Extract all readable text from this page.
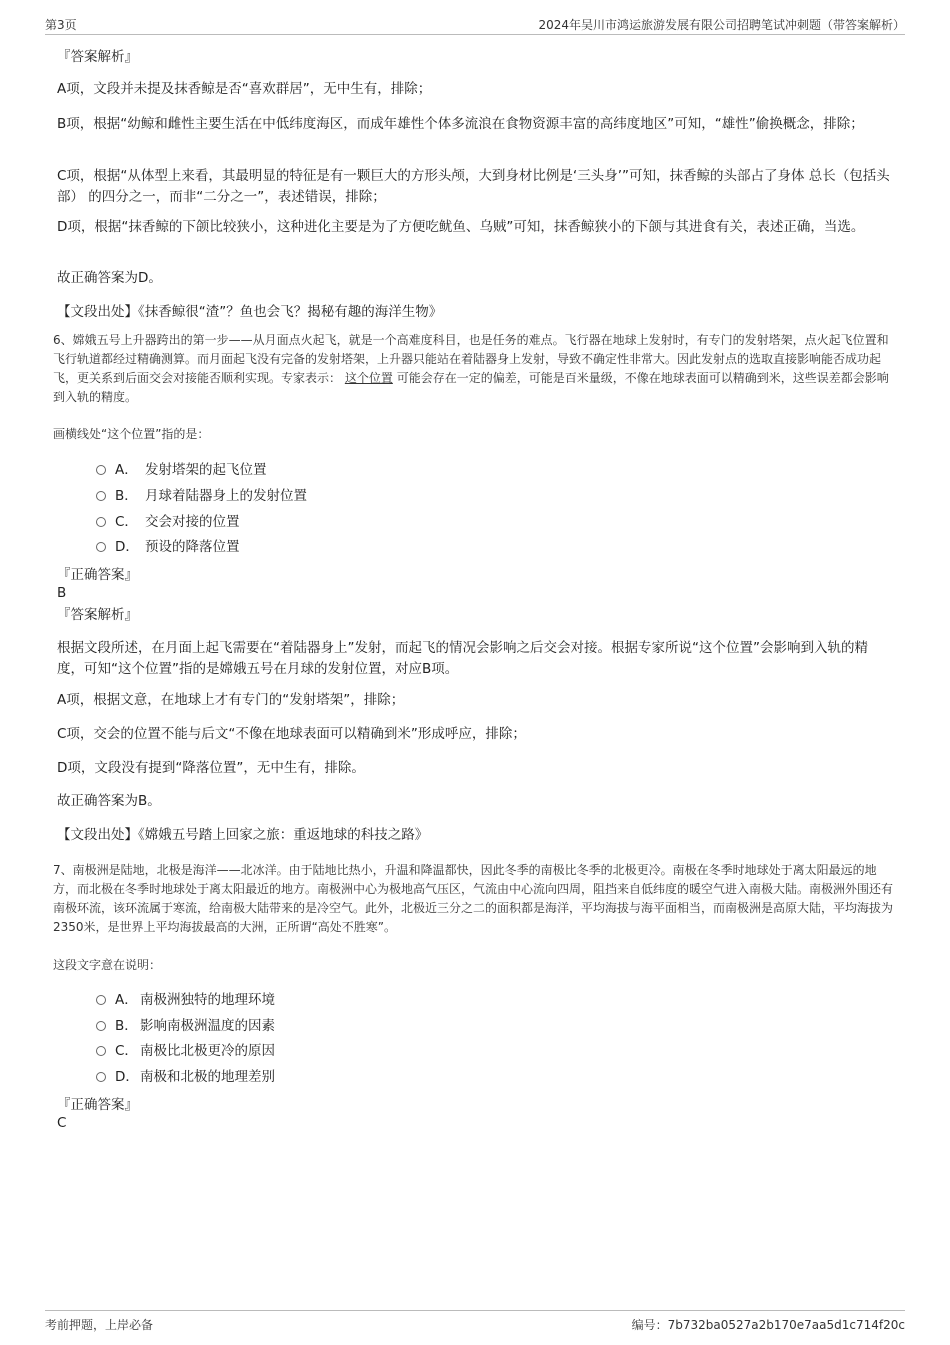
第3页	2024年吴川市鸿运旅游发展有限公司招聘笔试冲刺题（带答案解析）

『答案解析』

A项，文段并未提及抹香鲸是否“喜欢群居”，无中生有，排除；

B项，根据“幼鲸和雌性主要生活在中低纬度海区，而成年雄性个体多流浪在食物资源丰富的高纬度地区”可知，“雄性”偷换概念，排除；

C项，根据“从体型上来看，其最明显的特征是有一颗巨大的方形头颅，大到身材比例是‘三头身’”可知，抹香鲸的头部占了身体 总长（包括头部） 的四分之一，而非“二分之一”，表述错误，排除；

D项，根据“抹香鲸的下颌比较狭小，这种进化主要是为了方便吃鱿鱼、乌贼”可知，抹香鲸狭小的下颌与其进食有关，表述正确，当选。

故正确答案为D。

【文段出处】《抹香鲸很“渣”？鱼也会飞？揭秘有趣的海洋生物》

6、嫦娥五号上升器跨出的第一步——从月面点火起飞，就是一个高难度科目，也是任务的难点。飞行器在地球上发射时，有专门的发射塔架，点火起飞位置和飞行轨道都经过精确测算。而月面起飞没有完备的发射塔架，上升器只能站在着陆器身上发射，导致不确定性非常大。因此发射点的选取直接影响能否成功起飞，更关系到后面交会对接能否顺利实现。专家表示： 这个位置 可能会存在一定的偏差，可能是百米量级，不像在地球表面可以精确到米，这些误差都会影响到入轨的精度。

画横线处“这个位置”指的是：

A． 发射塔架的起飞位置
B． 月球着陆器身上的发射位置
C． 交会对接的位置
D． 预设的降落位置

『正确答案』

B

『答案解析』

根据文段所述，在月面上起飞需要在“着陆器身上”发射，而起飞的情况会影响之后交会对接。根据专家所说“这个位置”会影响到入轨的精度，可知“这个位置”指的是嫦娥五号在月球的发射位置，对应B项。

A项，根据文意，在地球上才有专门的“发射塔架”，排除；

C项，交会的位置不能与后文“不像在地球表面可以精确到米”形成呼应，排除；

D项，文段没有提到“降落位置”，无中生有，排除。

故正确答案为B。

【文段出处】《嫦娥五号踏上回家之旅：重返地球的科技之路》

7、南极洲是陆地，北极是海洋——北冰洋。由于陆地比热小，升温和降温都快，因此冬季的南极比冬季的北极更冷。南极在冬季时地球处于离太阳最远的地方，而北极在冬季时地球处于离太阳最近的地方。南极洲中心为极地高气压区，气流由中心流向四周，阻挡来自低纬度的暖空气进入南极大陆。南极洲外围还有南极环流，该环流属于寒流，给南极大陆带来的是冷空气。此外，北极近三分之二的面积都是海洋，平均海拔与海平面相当，而南极洲是高原大陆，平均海拔为2350米，是世界上平均海拔最高的大洲，正所谓“高处不胜寒”。

这段文字意在说明：

A． 南极洲独特的地理环境
B． 影响南极洲温度的因素
C． 南极比北极更冷的原因
D．南极和北极的地理差别

『正确答案』

C

考前押题，上岸必备	编号：7b732ba0527a2b170e7aa5d1c714f20c
